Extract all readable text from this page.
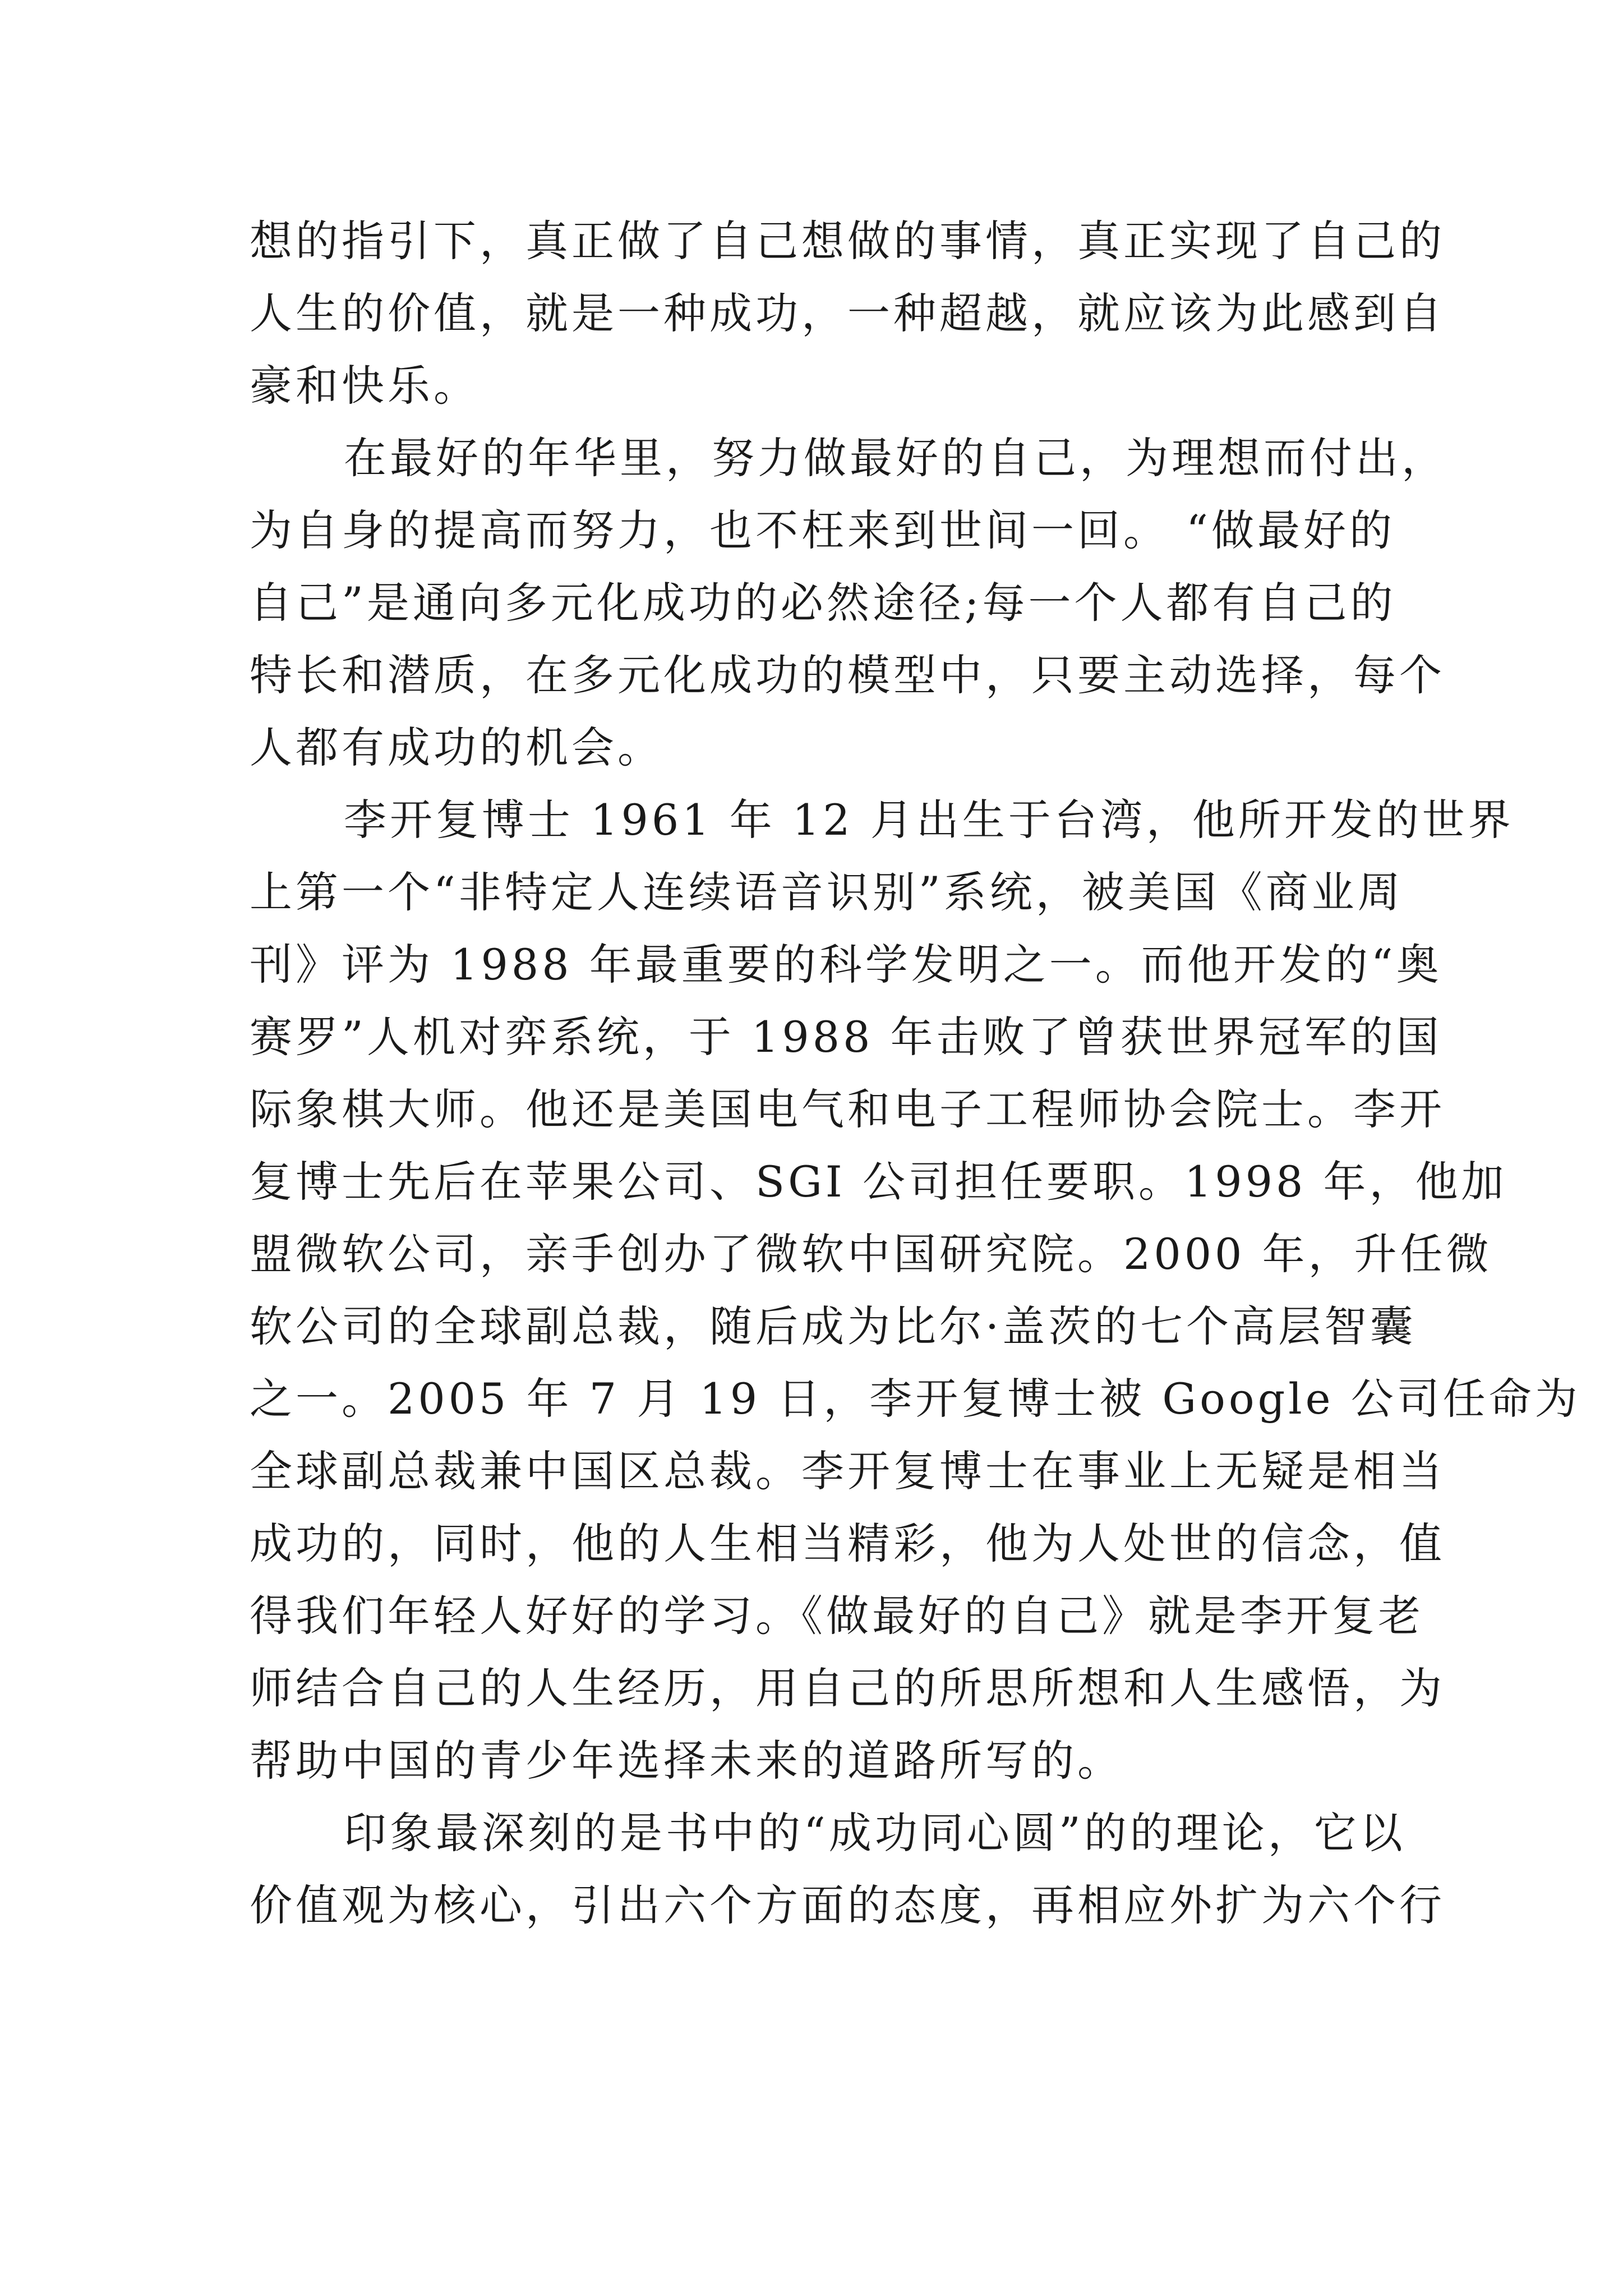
想的指引下，真正做了自己想做的事情，真正实现了自己的
人生的价值，就是一种成功，一种超越，就应该为此感到自
豪和快乐。
在最好的年华里，努力做最好的自己，为理想而付出，
为自身的提高而努力，也不枉来到世间一回。 “做最好的
自己”是通向多元化成功的必然途径;每一个人都有自己的
特长和潜质，在多元化成功的模型中，只要主动选择，每个
人都有成功的机会。
李开复博士 1961 年 12 月出生于台湾，他所开发的世界
上第一个“非特定人连续语音识别”系统，被美国《商业周
刊》评为 1988 年最重要的科学发明之一。而他开发的“奥
赛罗”人机对弈系统，于 1988 年击败了曾获世界冠军的国
际象棋大师。他还是美国电气和电子工程师协会院士。李开
复博士先后在苹果公司、SGI 公司担任要职。1998 年，他加
盟微软公司，亲手创办了微软中国研究院。2000 年，升任微
软公司的全球副总裁，随后成为比尔·盖茨的七个高层智囊
之一。2005 年 7 月 19 日，李开复博士被 Google 公司任命为
全球副总裁兼中国区总裁。李开复博士在事业上无疑是相当
成功的，同时，他的人生相当精彩，他为人处世的信念，值
得我们年轻人好好的学习。《做最好的自己》就是李开复老
师结合自己的人生经历，用自己的所思所想和人生感悟，为
帮助中国的青少年选择未来的道路所写的。
印象最深刻的是书中的“成功同心圆”的的理论，它以
价值观为核心，引出六个方面的态度，再相应外扩为六个行
